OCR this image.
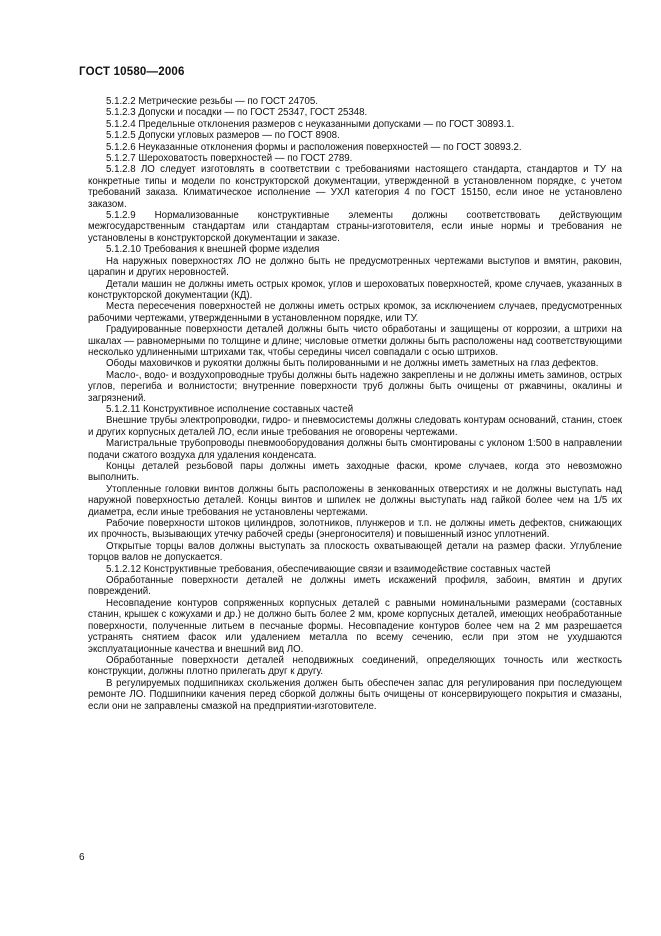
ГОСТ 10580—2006

5.1.2.2 Метрические резьбы — по ГОСТ 24705.

5.1.2.3 Допуски и посадки — по ГОСТ 25347, ГОСТ 25348.

5.1.2.4 Предельные отклонения размеров с неуказанными допусками — по ГОСТ 30893.1.

5.1.2.5 Допуски угловых размеров — по ГОСТ 8908.

5.1.2.6 Неуказанные отклонения формы и расположения поверхностей — по ГОСТ 30893.2.

5.1.2.7 Шероховатость поверхностей — по ГОСТ 2789.

5.1.2.8 ЛО следует изготовлять в соответствии с требованиями настоящего стандарта, стандартов и ТУ на конкретные типы и модели по конструкторской документации, утвержденной в установленном порядке, с учетом требований заказа. Климатическое исполнение — УХЛ категория 4 по ГОСТ 15150, если иное не установлено заказом.

5.1.2.9 Нормализованные конструктивные элементы должны соответствовать действующим межгосударственным стандартам или стандартам страны-изготовителя, если иные нормы и требования не установлены в конструкторской документации и заказе.

5.1.2.10 Требования к внешней форме изделия

На наружных поверхностях ЛО не должно быть не предусмотренных чертежами выступов и вмятин, раковин, царапин и других неровностей.

Детали машин не должны иметь острых кромок, углов и шероховатых поверхностей, кроме случаев, указанных в конструкторской документации (КД).

Места пересечения поверхностей не должны иметь острых кромок, за исключением случаев, предусмотренных рабочими чертежами, утвержденными в установленном порядке, или ТУ.

Градуированные поверхности деталей должны быть чисто обработаны и защищены от коррозии, а штрихи на шкалах — равномерными по толщине и длине; числовые отметки должны быть расположены над соответствующими несколько удлиненными штрихами так, чтобы середины чисел совпадали с осью штрихов.

Ободы маховичков и рукоятки должны быть полированными и не должны иметь заметных на глаз дефектов.

Масло-, водо- и воздухопроводные трубы должны быть надежно закреплены и не должны иметь заминов, острых углов, перегиба и волнистости; внутренние поверхности труб должны быть очищены от ржавчины, окалины и загрязнений.

5.1.2.11 Конструктивное исполнение составных частей

Внешние трубы электропроводки, гидро- и пневмосистемы должны следовать контурам оснований, станин, стоек и других корпусных деталей ЛО, если иные требования не оговорены чертежами.

Магистральные трубопроводы пневмооборудования должны быть смонтированы с уклоном 1:500 в направлении подачи сжатого воздуха для удаления конденсата.

Концы деталей резьбовой пары должны иметь заходные фаски, кроме случаев, когда это невозможно выполнить.

Утопленные головки винтов должны быть расположены в зенкованных отверстиях и не должны выступать над наружной поверхностью деталей. Концы винтов и шпилек не должны выступать над гайкой более чем на 1/5 их диаметра, если иные требования не установлены чертежами.

Рабочие поверхности штоков цилиндров, золотников, плунжеров и т.п. не должны иметь дефектов, снижающих их прочность, вызывающих утечку рабочей среды (энергоносителя) и повышенный износ уплотнений.

Открытые торцы валов должны выступать за плоскость охватывающей детали на размер фаски. Углубление торцов валов не допускается.

5.1.2.12 Конструктивные требования, обеспечивающие связи и взаимодействие составных частей

Обработанные поверхности деталей не должны иметь искажений профиля, забоин, вмятин и других повреждений.

Несовпадение контуров сопряженных корпусных деталей с равными номинальными размерами (составных станин, крышек с кожухами и др.) не должно быть более 2 мм, кроме корпусных деталей, имеющих необработанные поверхности, полученные литьем в песчаные формы. Несовпадение контуров более чем на 2 мм разрешается устранять снятием фасок или удалением металла по всему сечению, если при этом не ухудшаются эксплуатационные качества и внешний вид ЛО.

Обработанные поверхности деталей неподвижных соединений, определяющих точность или жесткость конструкции, должны плотно прилегать друг к другу.

В регулируемых подшипниках скольжения должен быть обеспечен запас для регулирования при последующем ремонте ЛО. Подшипники качения перед сборкой должны быть очищены от консервирующего покрытия и смазаны, если они не заправлены смазкой на предприятии-изготовителе.

6
